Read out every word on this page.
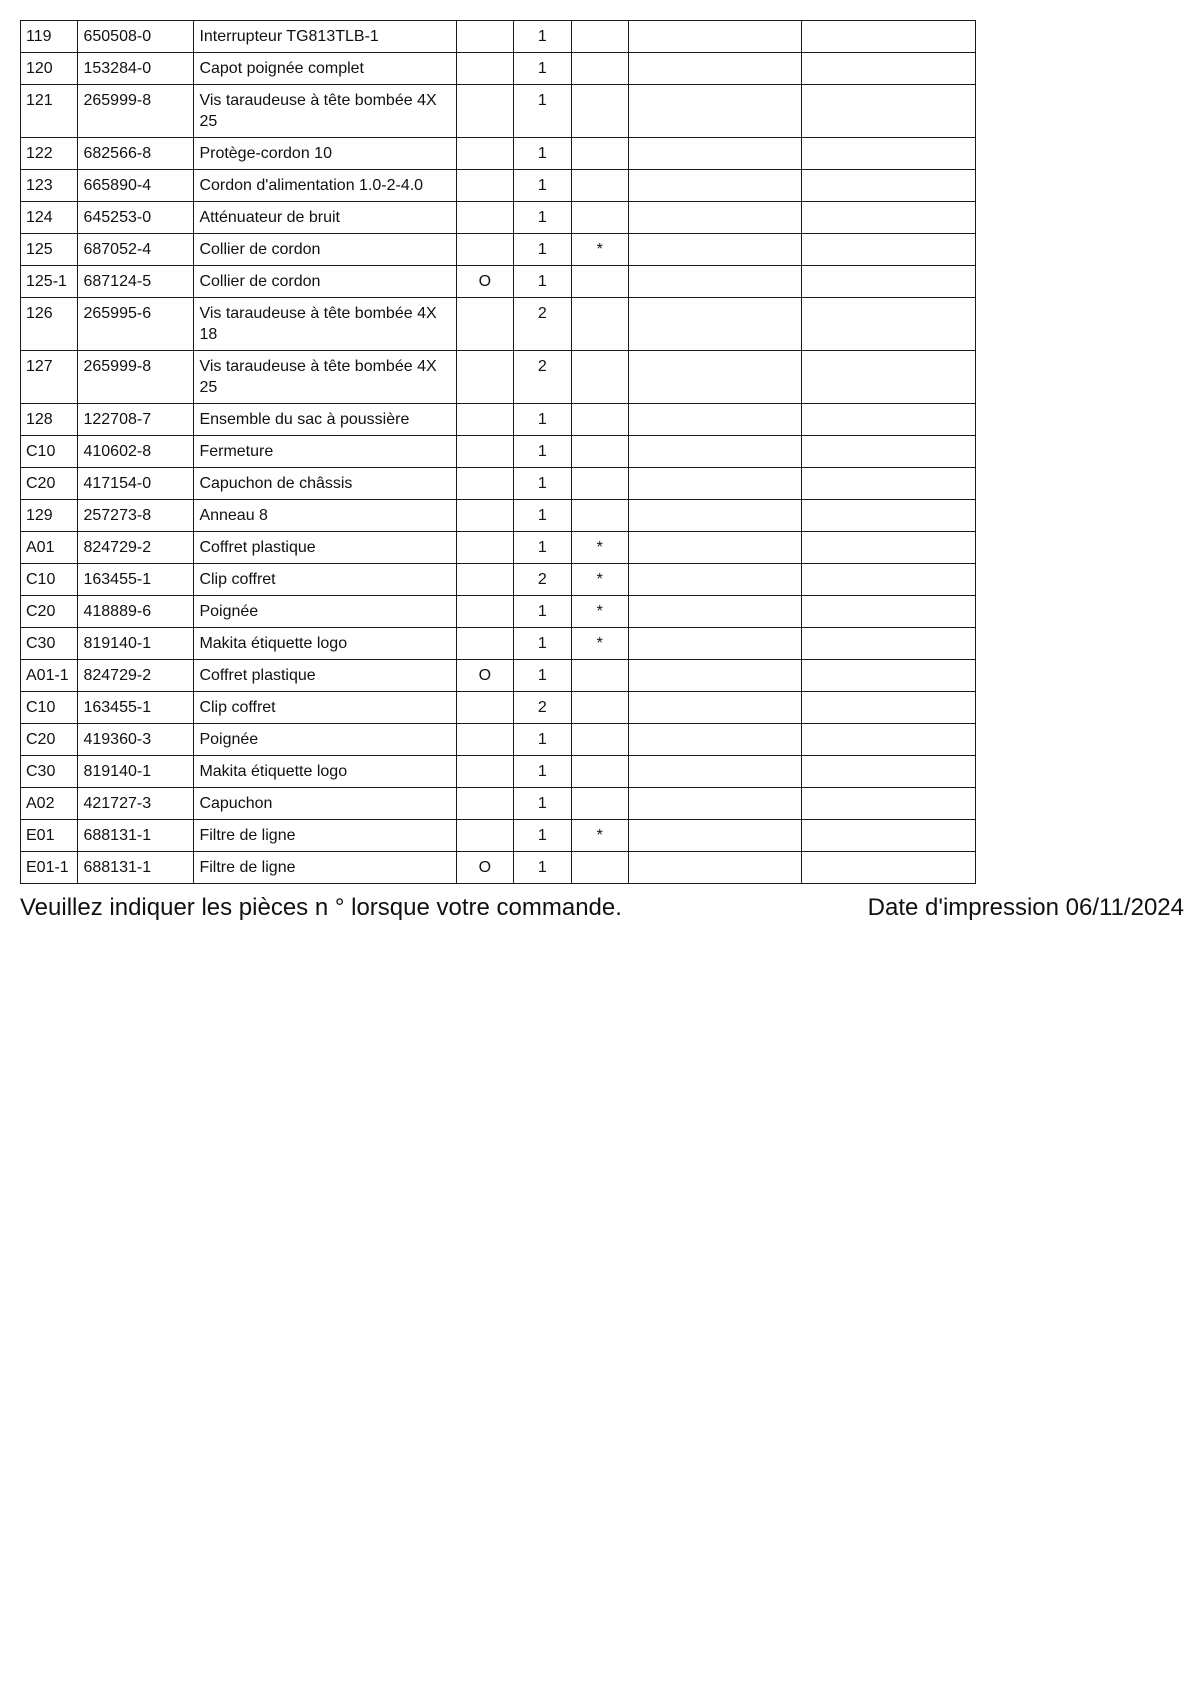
119	650508-0	Interrupteur TG813TLB-1		1			
120	153284-0	Capot poignée complet		1			
121	265999-8	Vis taraudeuse à tête bombée 4X 25		1			
122	682566-8	Protège-cordon 10		1			
123	665890-4	Cordon d'alimentation 1.0-2-4.0		1			
124	645253-0	Atténuateur de bruit		1			
125	687052-4	Collier de cordon		1	*		
125-1	687124-5	Collier de cordon	O	1			
126	265995-6	Vis taraudeuse à tête bombée 4X 18		2			
127	265999-8	Vis taraudeuse à tête bombée 4X 25		2			
128	122708-7	Ensemble du sac à poussière		1			
C10	410602-8	Fermeture		1			
C20	417154-0	Capuchon de châssis		1			
129	257273-8	Anneau 8		1			
A01	824729-2	Coffret plastique		1	*		
C10	163455-1	Clip coffret		2	*		
C20	418889-6	Poignée		1	*		
C30	819140-1	Makita étiquette logo		1	*		
A01-1	824729-2	Coffret plastique	O	1			
C10	163455-1	Clip coffret		2			
C20	419360-3	Poignée		1			
C30	819140-1	Makita étiquette logo		1			
A02	421727-3	Capuchon		1			
E01	688131-1	Filtre de ligne		1	*		
E01-1	688131-1	Filtre de ligne	O	1			
Veuillez indiquer les pièces n ° lorsque votre commande.	Date d'impression 06/11/2024
